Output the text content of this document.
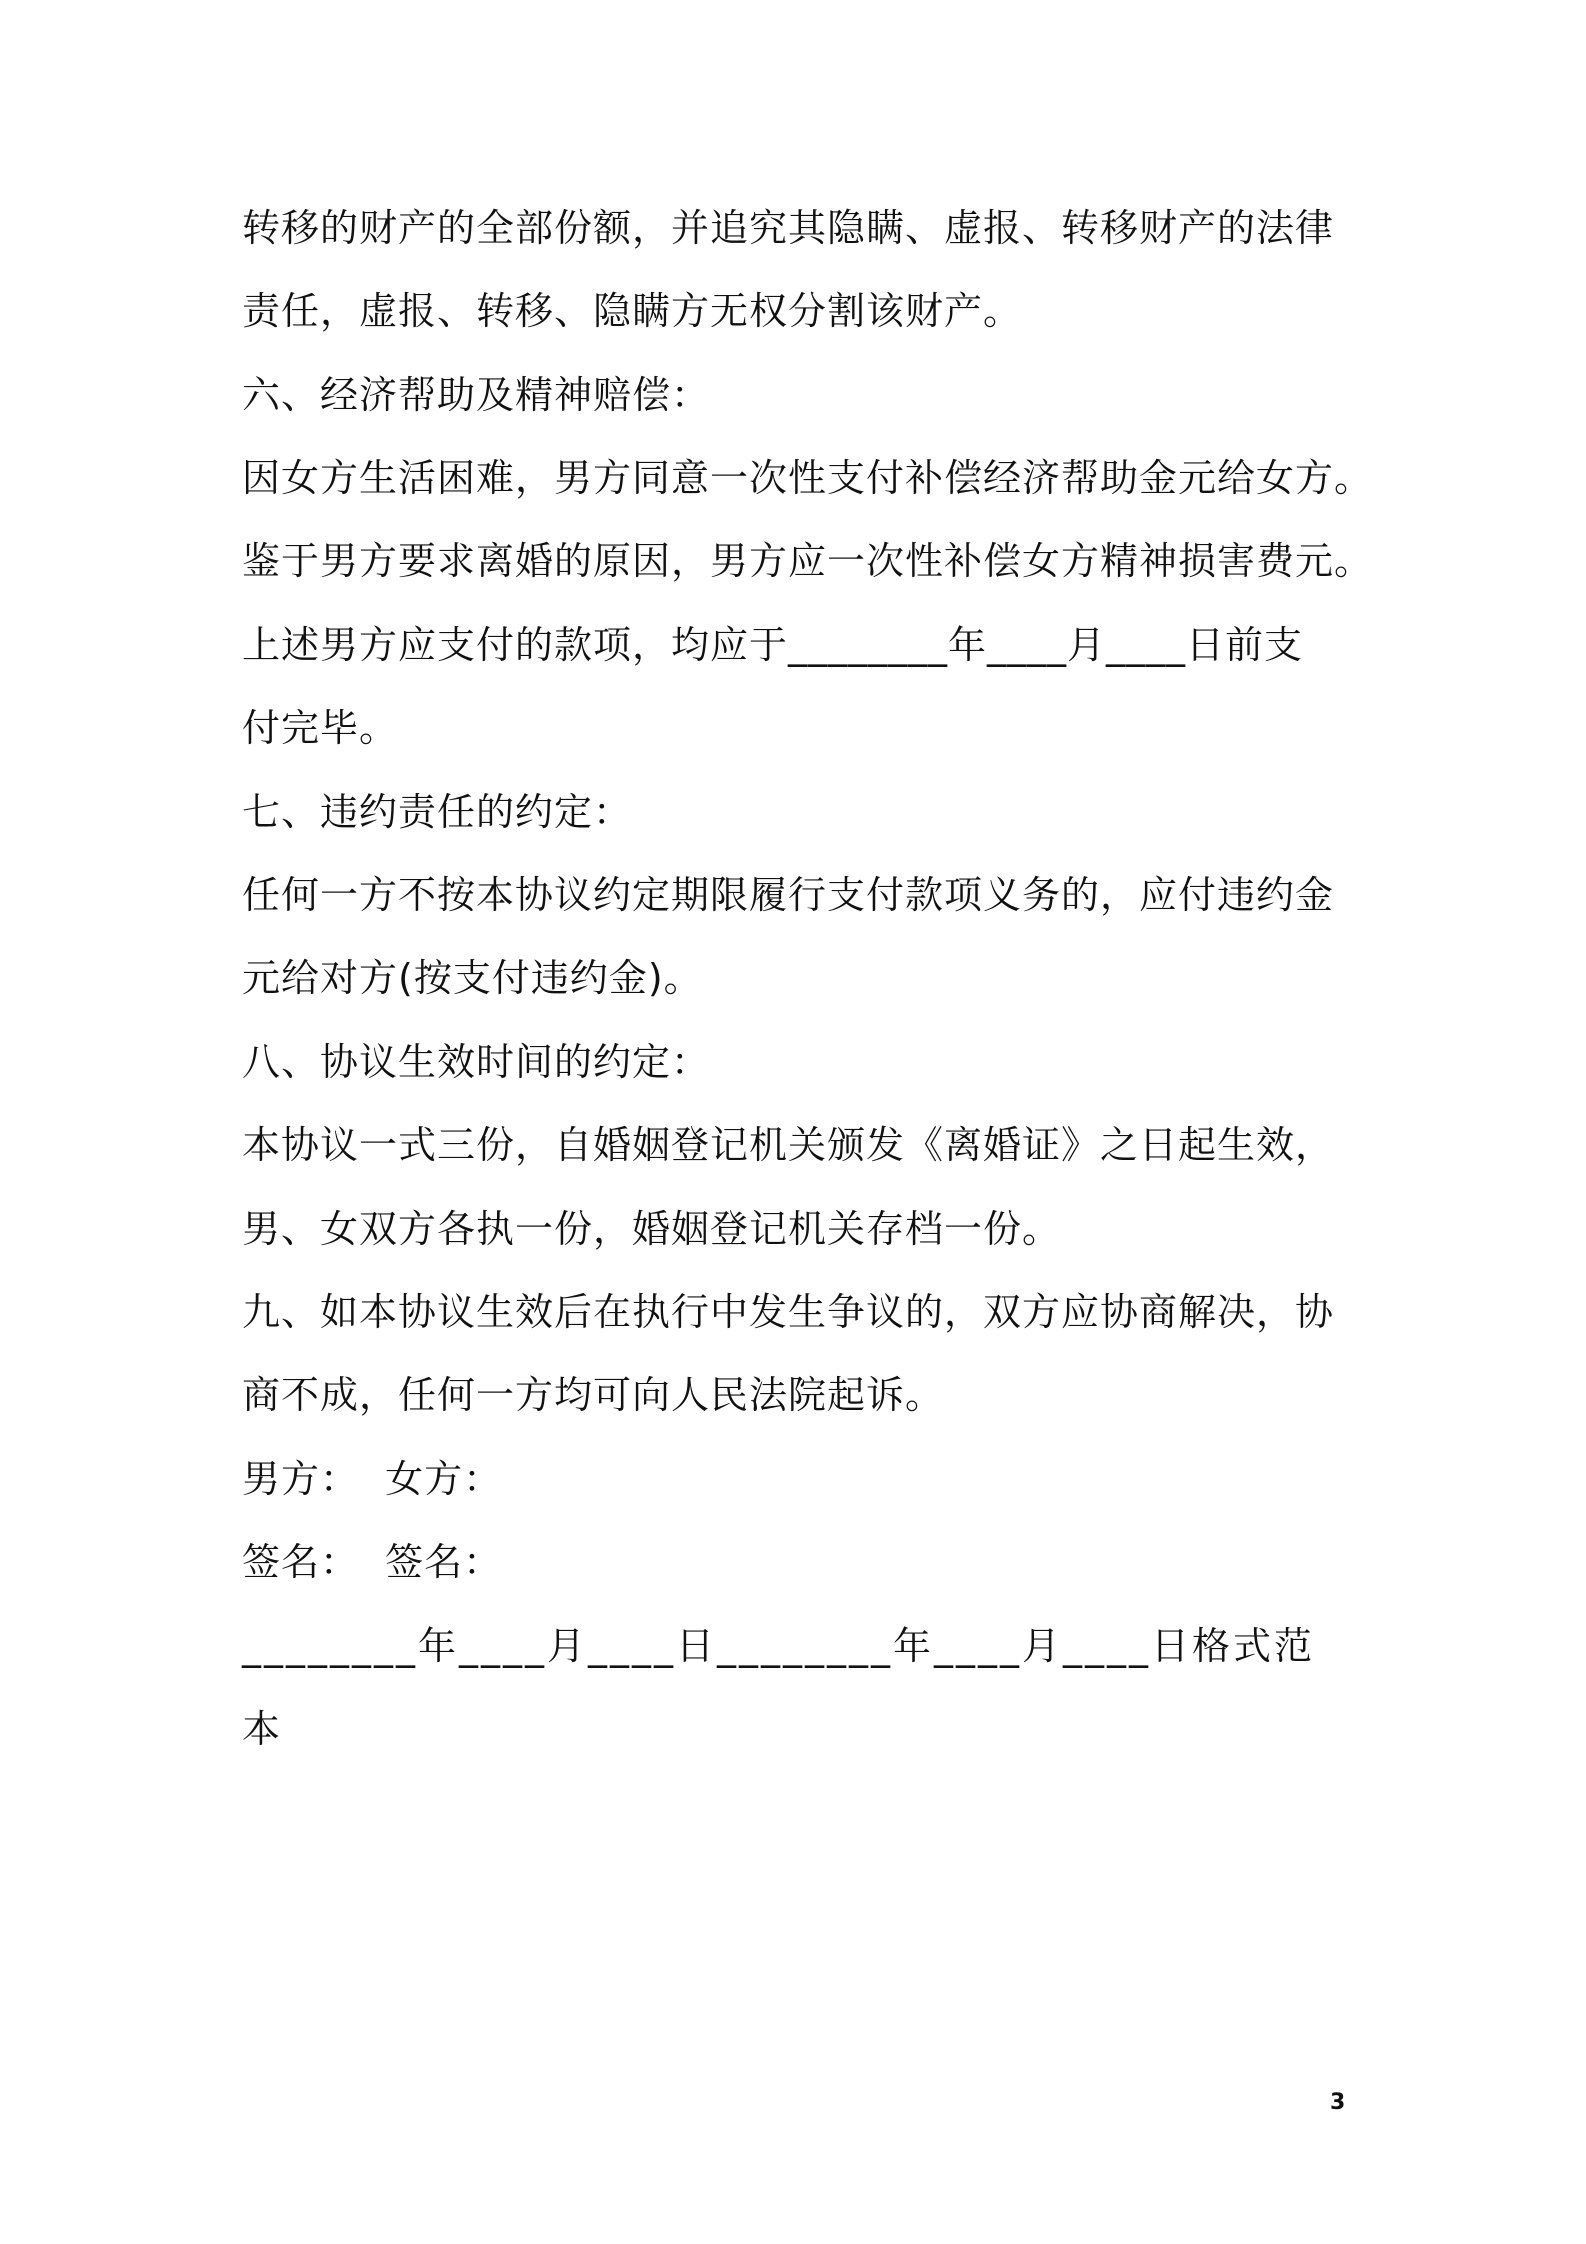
转移的财产的全部份额，并追究其隐瞒、虚报、转移财产的法律
责任，虚报、转移、隐瞒方无权分割该财产。
六、经济帮助及精神赔偿：
因女方生活困难，男方同意一次性支付补偿经济帮助金元给女方。
鉴于男方要求离婚的原因，男方应一次性补偿女方精神损害费元。
上述男方应支付的款项，均应于________年____月____日前支
付完毕。
七、违约责任的约定：
任何一方不按本协议约定期限履行支付款项义务的，应付违约金
元给对方(按支付违约金)。
八、协议生效时间的约定：
本协议一式三份，自婚姻登记机关颁发《离婚证》之日起生效，
男、女双方各执一份，婚姻登记机关存档一份。
九、如本协议生效后在执行中发生争议的，双方应协商解决，协
商不成，任何一方均可向人民法院起诉。
男方：  女方：
签名：  签名：
________年____月____日________年____月____日格式范
本
3
